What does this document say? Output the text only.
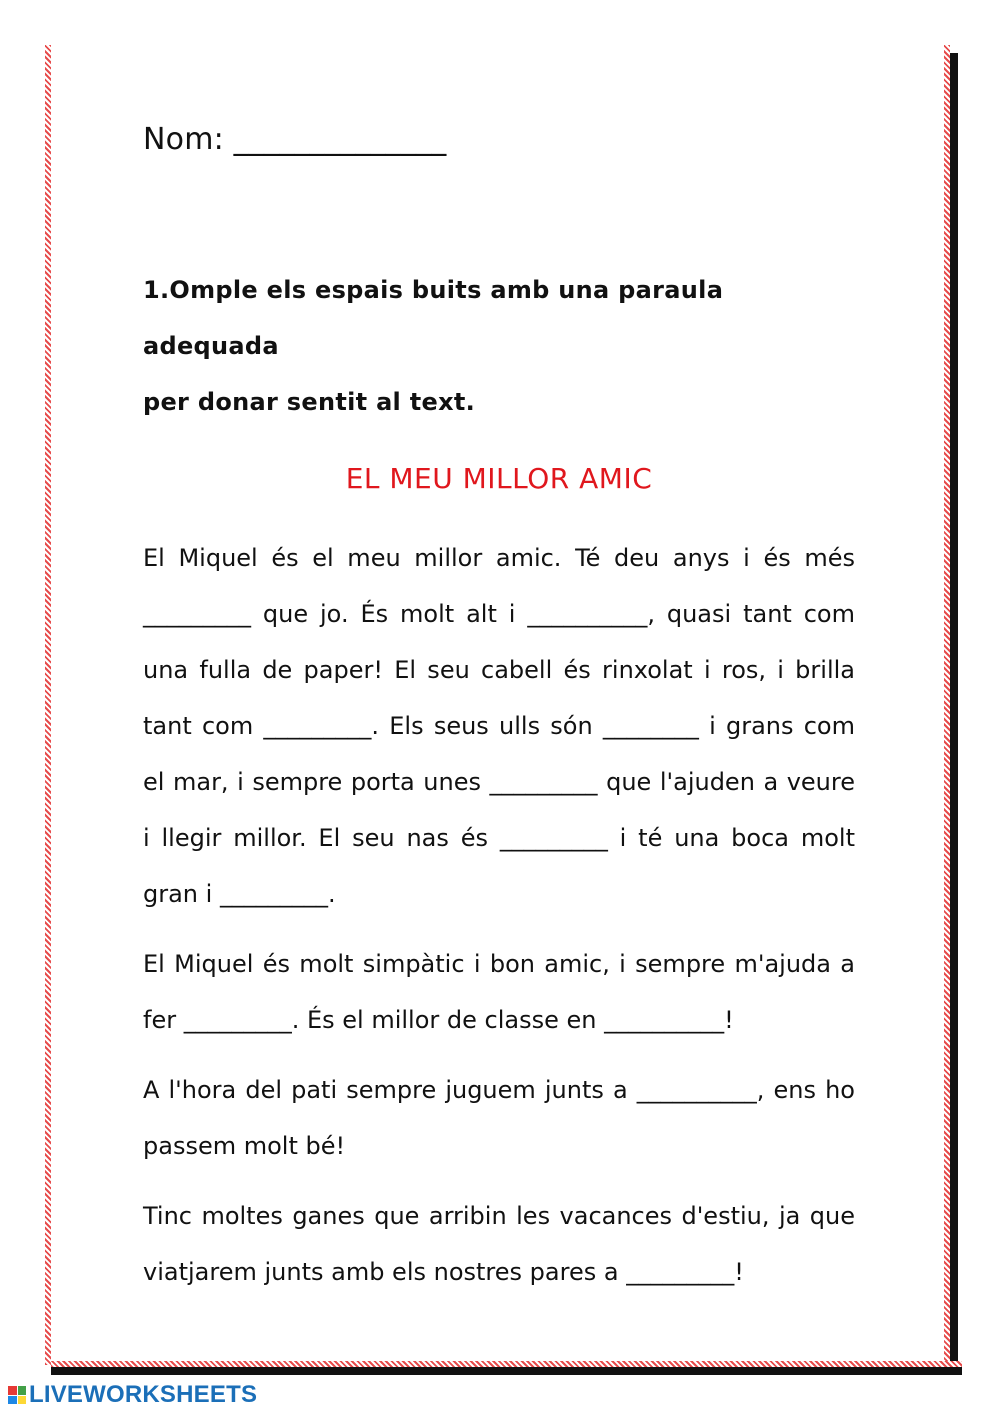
Nom: ______________
1.Omple els espais buits amb una paraula adequada
per donar sentit al text.
EL MEU MILLOR AMIC

El Miquel és el meu millor amic. Té deu anys i és més _________ que jo. És molt alt i __________, quasi tant com una fulla de paper! El seu cabell és rinxolat i ros, i brilla tant com _________. Els seus ulls són ________ i grans com el mar, i sempre porta unes _________ que l'ajuden a veure i llegir millor. El seu nas és _________ i té una boca molt gran i _________.

El Miquel és molt simpàtic i bon amic, i sempre m'ajuda a fer _________. És el millor de classe en __________!

A l'hora del pati sempre juguem junts a __________, ens ho passem molt bé!

Tinc moltes ganes que arribin les vacances d'estiu, ja que viatjarem junts amb els nostres pares a _________!

LIVEWORKSHEETS
